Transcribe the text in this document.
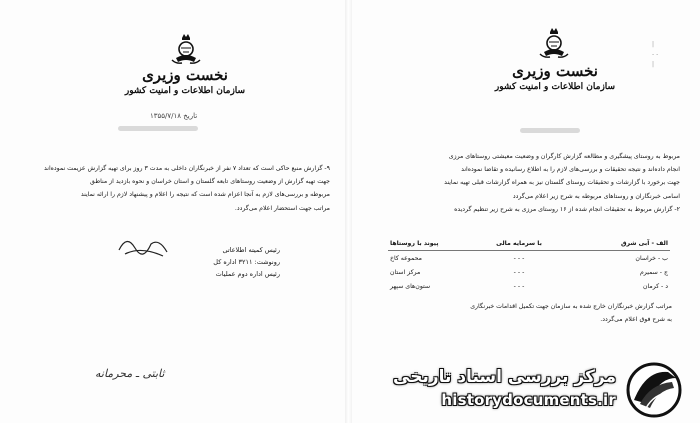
نخست وزیری
سازمان اطلاعات و امنیت کشور
تاریخ ۱۳۵۵/۷/۱۸

۹- گزارش منبع حاکی است که تعداد ۷ نفر از خبرنگاران داخلی به مدت ۳ روز برای تهیه گزارش عزیمت نموده‌اند

جهت تهیه گزارش از وضعیت روستاهای تابعه گلستان و استان خراسان و نحوه بازدید از مناطق

مربوطه و بررسی‌های لازم به آنجا اعزام شده است که نتیجه را اعلام و پیشنهاد لازم را ارائه نمایند

مراتب جهت استحضار اعلام می‌گردد.

رئیس کمیته اطلاعاتی

رونوشت: ۳۲۱۱ اداره کل

رئیس اداره دوم عملیات

ثابتی ـ محرمانه
نخست وزیری
سازمان اطلاعات و امنیت کشور

مربوط به روستای پیشگیری و مطالعه گزارش کارگران و وضعیت معیشتی روستاهای مرزی

انجام داده‌اند و نتیجه تحقیقات و بررسی‌های لازم را به اطلاع رسانیده و تقاضا نموده‌اند

جهت برخورد با گزارشات و تحقیقات روستای گلستان نیز به همراه گزارشات قبلی تهیه نمایند

اسامی خبرنگاران و روستاهای مربوطه به شرح زیر اعلام می‌گردد

۲- گزارش مربوط به تحقیقات انجام شده از ۱۶ روستای مرزی به شرح زیر تنظیم گردیده

الف - آبی شرق	با سرمایه مالی	پیوند با روستاها
ب - خراسان	- - -	محموعه کاخ
ج - سمیرم	- - -	مرکز استان
د - کرمان	- - -	ستون‌های سپهر

مراتب گزارش خبرنگاران خارج شده به سازمان جهت تکمیل اقدامات خبرنگاری

به شرح فوق اعلام می‌گردد.

|
- -
|
مرکز بررسی اسناد تاریخی
historydocuments.ir
